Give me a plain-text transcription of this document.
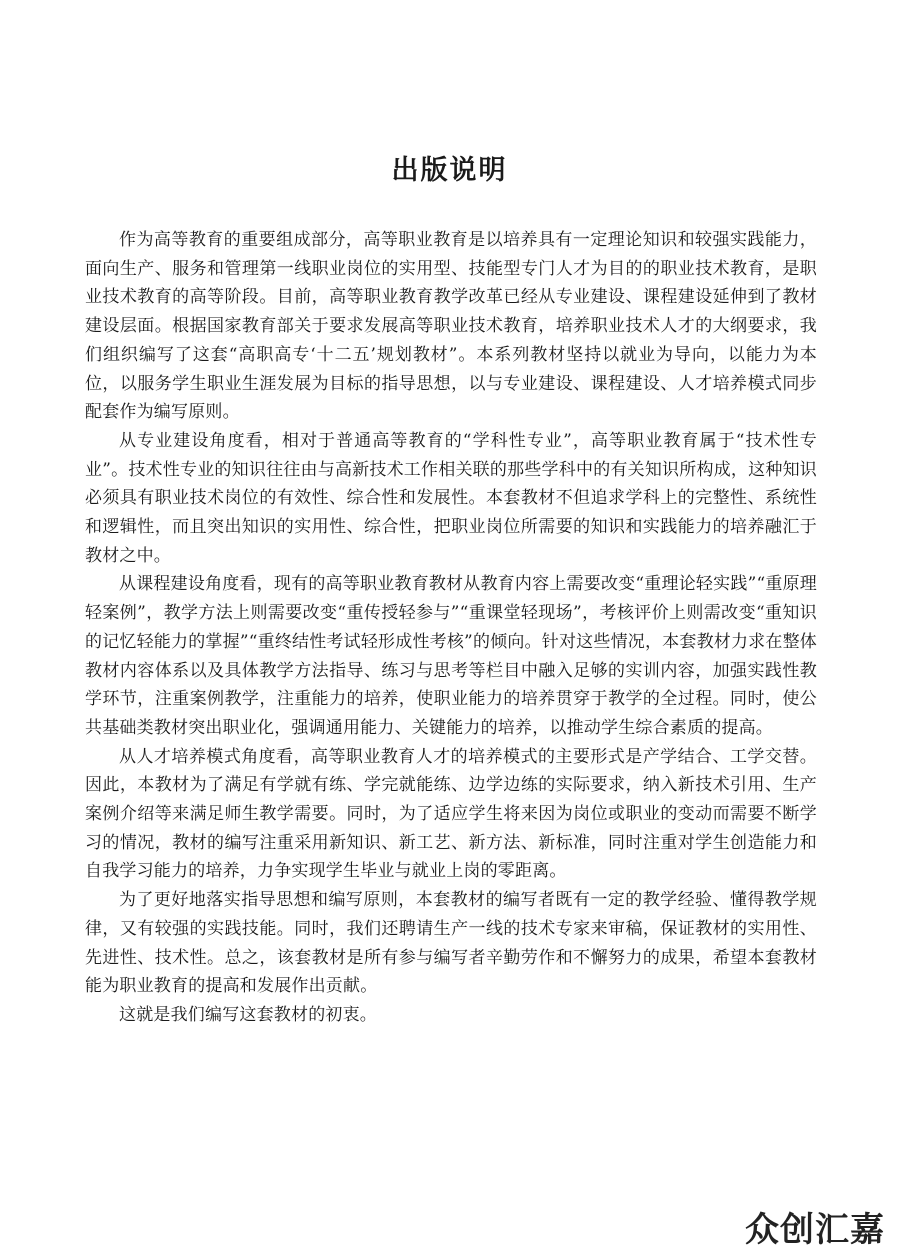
出版说明

作为高等教育的重要组成部分，高等职业教育是以培养具有一定理论知识和较强实践能力，面向生产、服务和管理第一线职业岗位的实用型、技能型专门人才为目的的职业技术教育，是职业技术教育的高等阶段。目前，高等职业教育教学改革已经从专业建设、课程建设延伸到了教材建设层面。根据国家教育部关于要求发展高等职业技术教育，培养职业技术人才的大纲要求，我们组织编写了这套“高职高专‘十二五’规划教材”。本系列教材坚持以就业为导向，以能力为本位，以服务学生职业生涯发展为目标的指导思想，以与专业建设、课程建设、人才培养模式同步配套作为编写原则。

从专业建设角度看，相对于普通高等教育的“学科性专业”，高等职业教育属于“技术性专业”。技术性专业的知识往往由与高新技术工作相关联的那些学科中的有关知识所构成，这种知识必须具有职业技术岗位的有效性、综合性和发展性。本套教材不但追求学科上的完整性、系统性和逻辑性，而且突出知识的实用性、综合性，把职业岗位所需要的知识和实践能力的培养融汇于教材之中。

从课程建设角度看，现有的高等职业教育教材从教育内容上需要改变“重理论轻实践”“重原理轻案例”，教学方法上则需要改变“重传授轻参与”“重课堂轻现场”，考核评价上则需改变“重知识的记忆轻能力的掌握”“重终结性考试轻形成性考核”的倾向。针对这些情况，本套教材力求在整体教材内容体系以及具体教学方法指导、练习与思考等栏目中融入足够的实训内容，加强实践性教学环节，注重案例教学，注重能力的培养，使职业能力的培养贯穿于教学的全过程。同时，使公共基础类教材突出职业化，强调通用能力、关键能力的培养，以推动学生综合素质的提高。

从人才培养模式角度看，高等职业教育人才的培养模式的主要形式是产学结合、工学交替。因此，本教材为了满足有学就有练、学完就能练、边学边练的实际要求，纳入新技术引用、生产案例介绍等来满足师生教学需要。同时，为了适应学生将来因为岗位或职业的变动而需要不断学习的情况，教材的编写注重采用新知识、新工艺、新方法、新标准，同时注重对学生创造能力和自我学习能力的培养，力争实现学生毕业与就业上岗的零距离。

为了更好地落实指导思想和编写原则，本套教材的编写者既有一定的教学经验、懂得教学规律，又有较强的实践技能。同时，我们还聘请生产一线的技术专家来审稿，保证教材的实用性、先进性、技术性。总之，该套教材是所有参与编写者辛勤劳作和不懈努力的成果，希望本套教材能为职业教育的提高和发展作出贡献。

这就是我们编写这套教材的初衷。

众创汇嘉
